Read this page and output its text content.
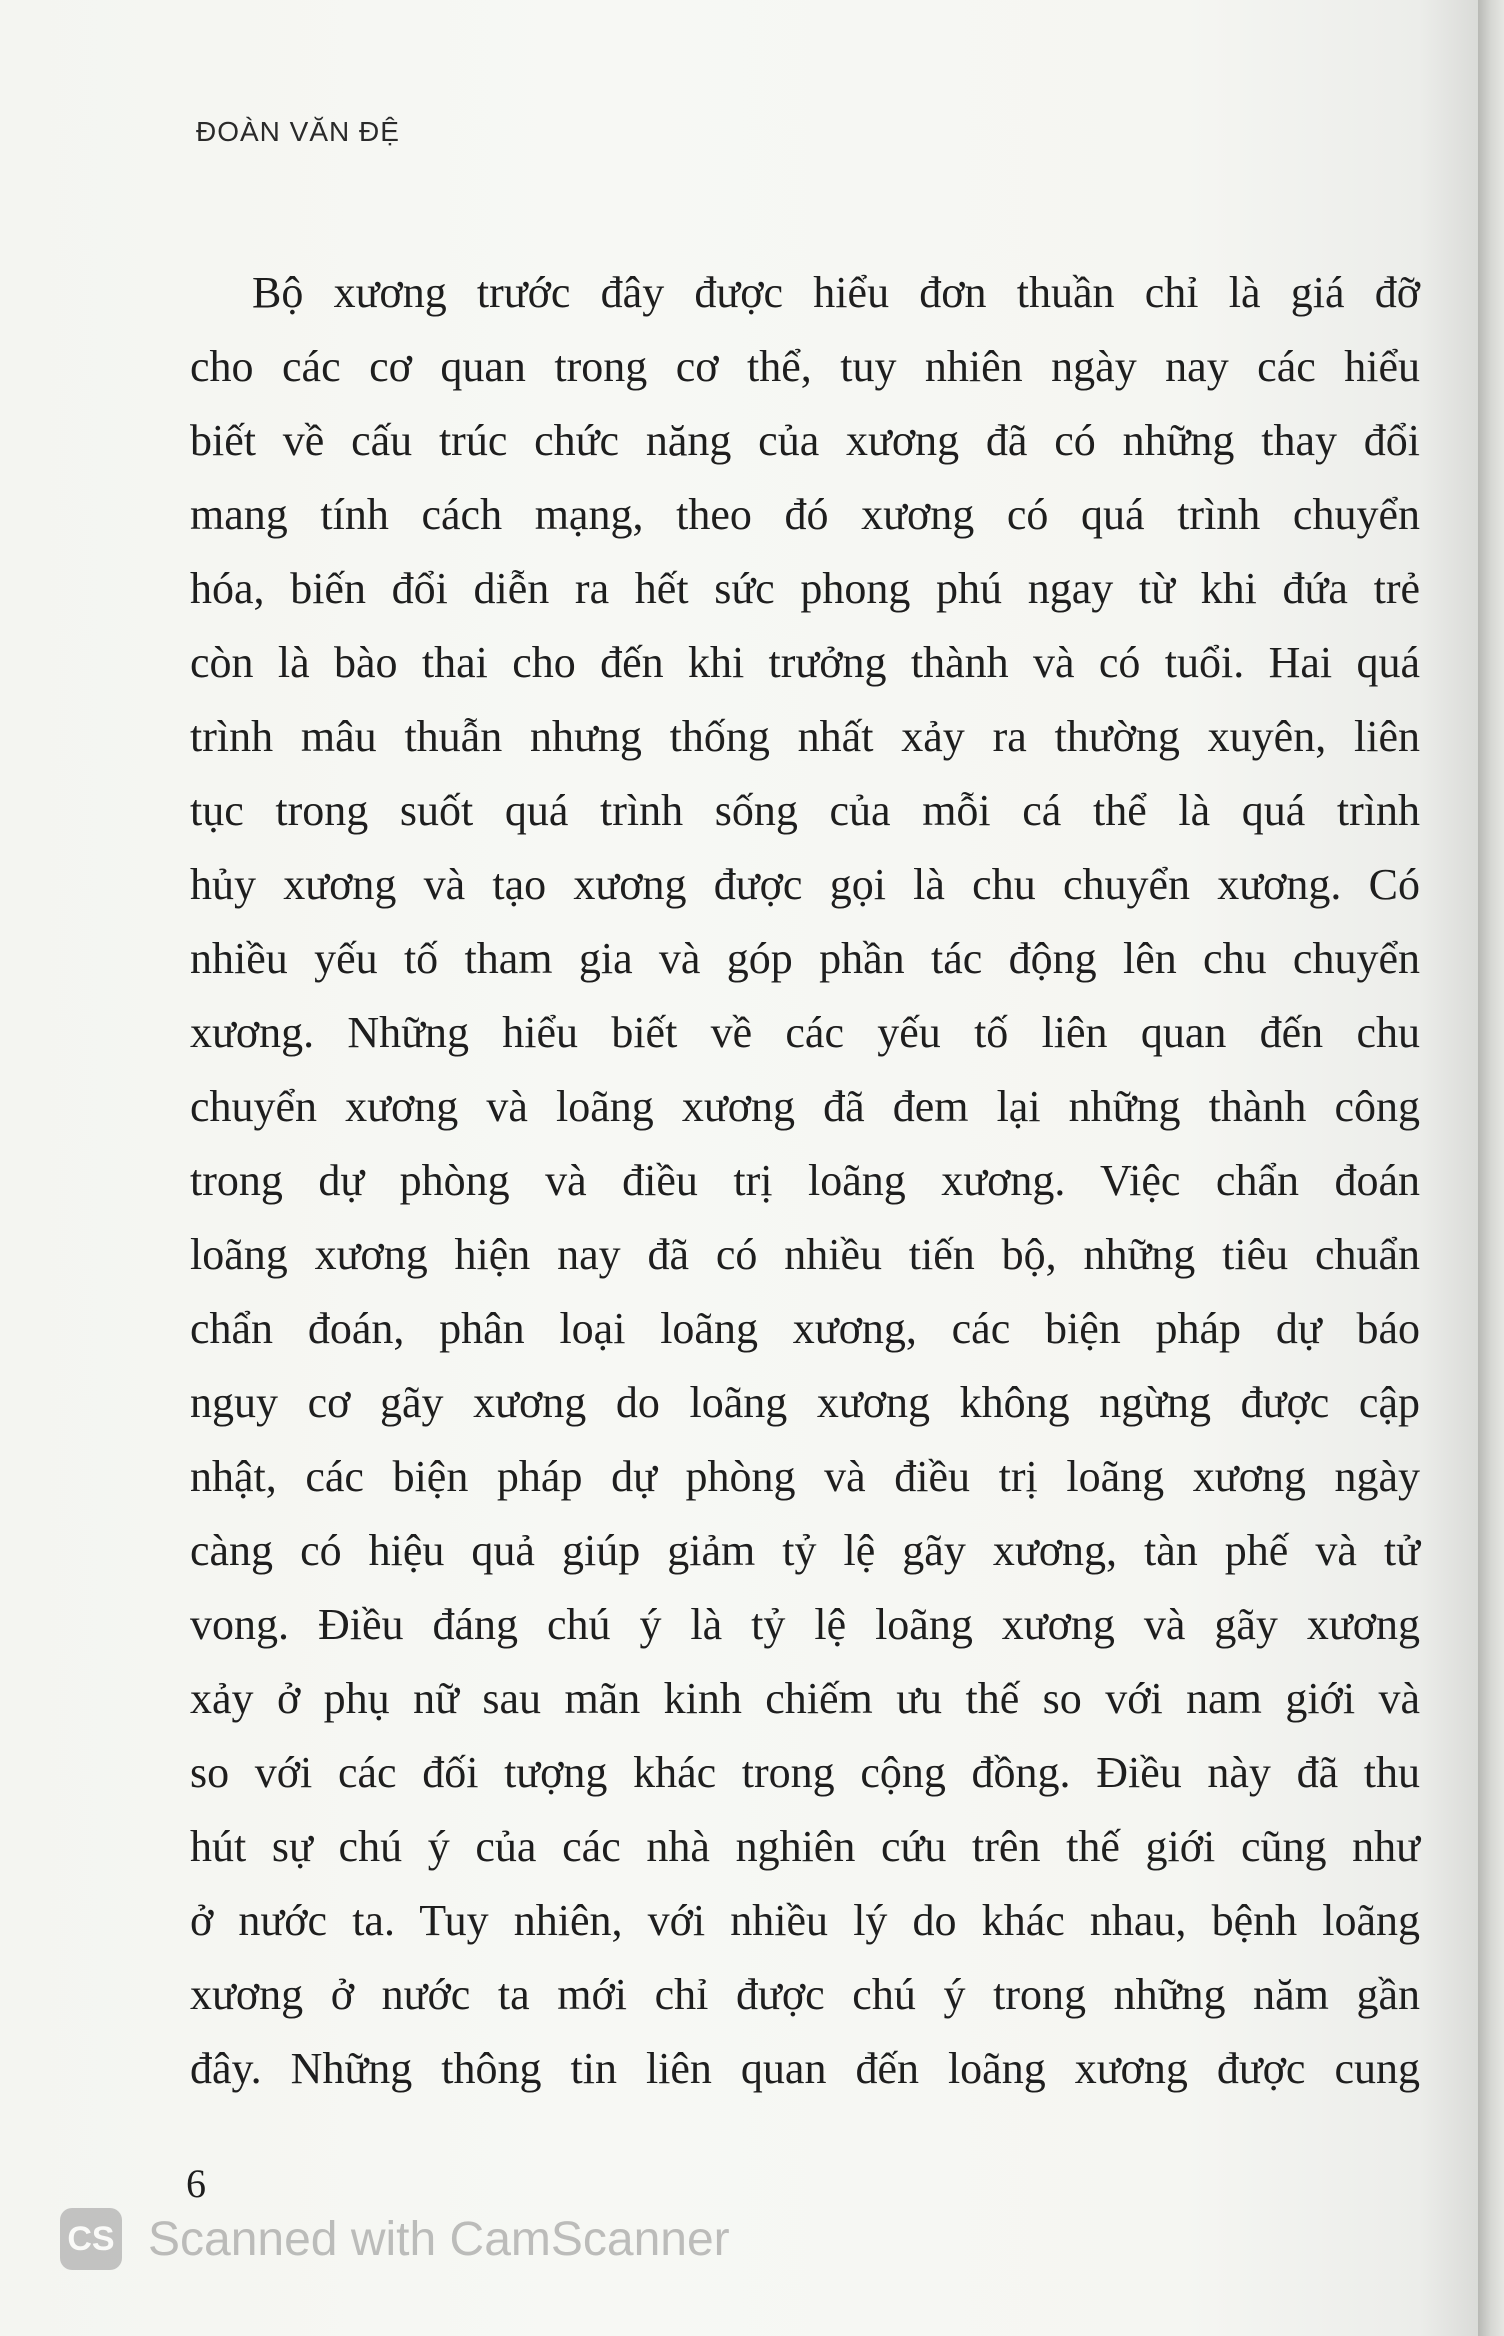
ĐOÀN VĂN ĐỆ
Bộ xương trước đây được hiểu đơn thuần chỉ là giá đỡ
cho các cơ quan trong cơ thể, tuy nhiên ngày nay các hiểu
biết về cấu trúc chức năng của xương đã có những thay đổi
mang tính cách mạng, theo đó xương có quá trình chuyển
hóa, biến đổi diễn ra hết sức phong phú ngay từ khi đứa trẻ
còn là bào thai cho đến khi trưởng thành và có tuổi. Hai quá
trình mâu thuẫn nhưng thống nhất xảy ra thường xuyên, liên
tục trong suốt quá trình sống của mỗi cá thể là quá trình
hủy xương và tạo xương được gọi là chu chuyển xương. Có
nhiều yếu tố tham gia và góp phần tác động lên chu chuyển
xương. Những hiểu biết về các yếu tố liên quan đến chu
chuyển xương và loãng xương đã đem lại những thành công
trong dự phòng và điều trị loãng xương. Việc chẩn đoán
loãng xương hiện nay đã có nhiều tiến bộ, những tiêu chuẩn
chẩn đoán, phân loại loãng xương, các biện pháp dự báo
nguy cơ gãy xương do loãng xương không ngừng được cập
nhật, các biện pháp dự phòng và điều trị loãng xương ngày
càng có hiệu quả giúp giảm tỷ lệ gãy xương, tàn phế và tử
vong. Điều đáng chú ý là tỷ lệ loãng xương và gãy xương
xảy ở phụ nữ sau mãn kinh chiếm ưu thế so với nam giới và
so với các đối tượng khác trong cộng đồng. Điều này đã thu
hút sự chú ý của các nhà nghiên cứu trên thế giới cũng như
ở nước ta. Tuy nhiên, với nhiều lý do khác nhau, bệnh loãng
xương ở nước ta mới chỉ được chú ý trong những năm gần
đây. Những thông tin liên quan đến loãng xương được cung
6
CS Scanned with CamScanner
